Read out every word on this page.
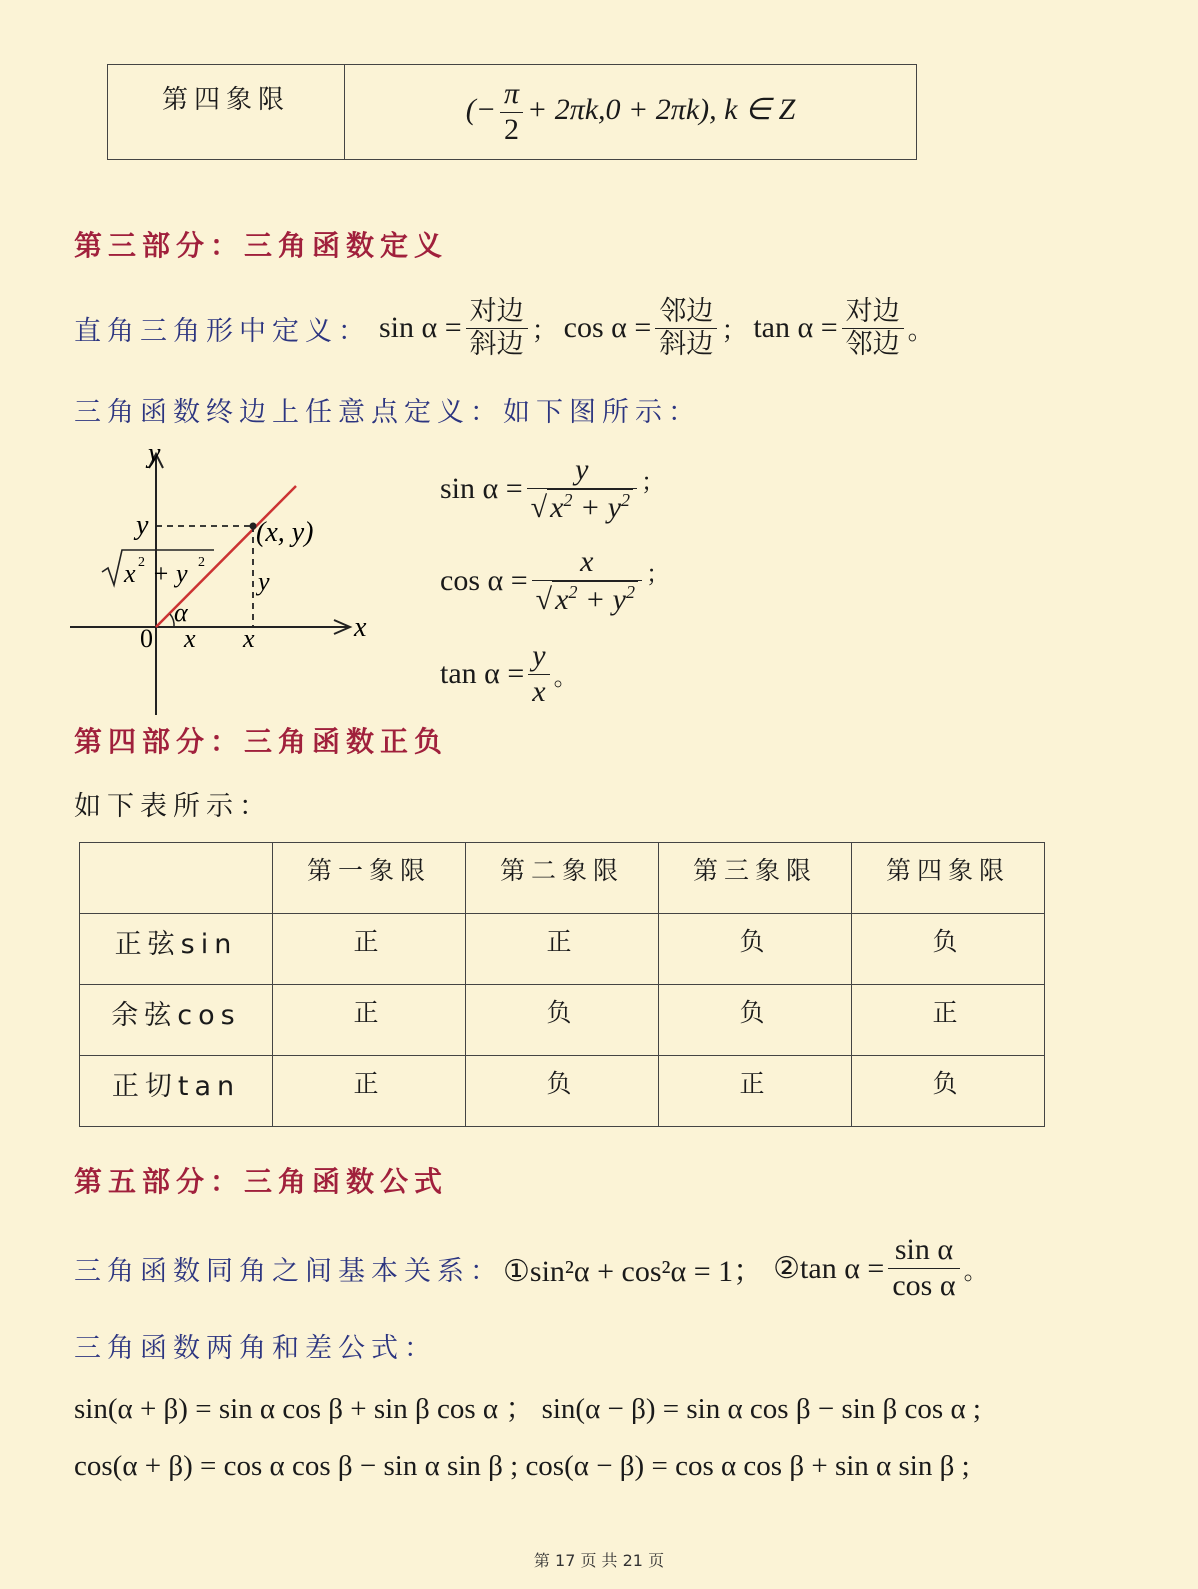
第四象限	(− $\frac{\pi}{2} + 2\pi k,0 + 2\pi k$), k ∈ Z
第三部分：三角函数定义
直角三角形中定义： $\sin \alpha = \frac{\text{对边}}{\text{斜边}}$ ； $\cos \alpha = \frac{\text{邻边}}{\text{斜边}}$ ； $\tan \alpha = \frac{\text{对边}}{\text{邻边}}$ 。
三角函数终边上任意点定义：如下图所示：
y
x
0
(x, y)
y
y
x x
α
x 2 + y 2
$\sin \alpha = \frac{y}{√ x^2 + y^2}$ ；
$\cos \alpha = \frac{x}{√ x^2 + y^2}$ ；
$\tan \alpha = \frac{y}{x}$ 。
第四部分：三角函数正负
如下表所示：
	第一象限	第二象限	第三象限	第四象限
正弦sin	正	正	负	负
余弦cos	正	负	负	正
正切tan	正	负	正	负
第五部分：三角函数公式
三角函数同角之间基本关系： ①sin²α + cos²α = 1； ②tan $\alpha = \frac{\text{sin α}}{\text{cos α}}$ 。
三角函数两角和差公式：
sin(α + β) = sin α cos β + sin β cos α ； sin(α − β) = sin α cos β − sin β cos α ;
cos(α + β) = cos α cos β − sin α sin β ; cos(α − β) = cos α cos β + sin α sin β ;
第 17 页 共 21 页
